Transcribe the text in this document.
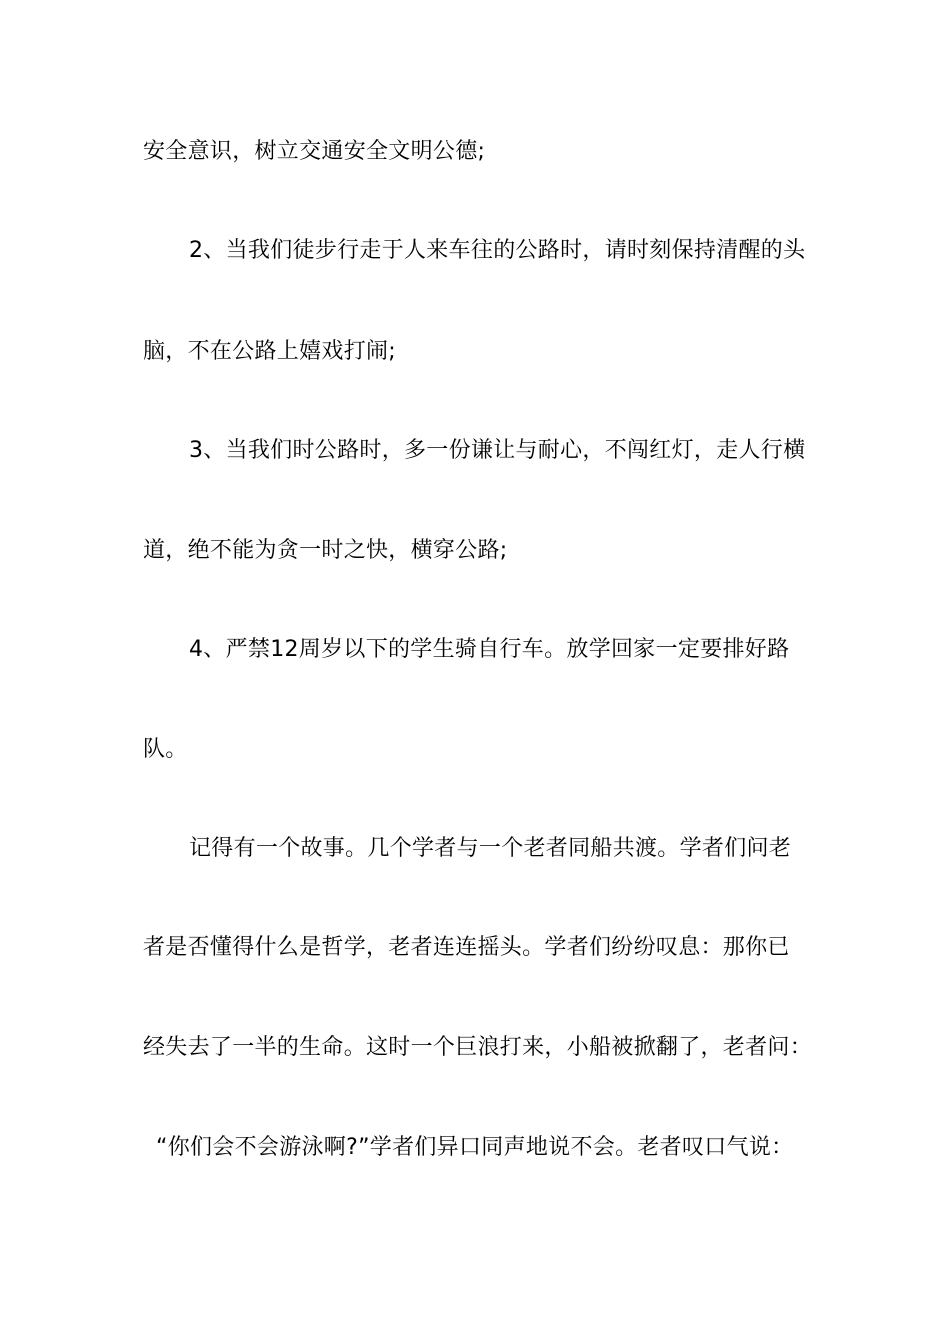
安全意识，树立交通安全文明公德;
2、当我们徒步行走于人来车往的公路时，请时刻保持清醒的头
脑，不在公路上嬉戏打闹;
3、当我们时公路时，多一份谦让与耐心，不闯红灯，走人行横
道，绝不能为贪一时之快，横穿公路;
4、严禁12周岁以下的学生骑自行车。放学回家一定要排好路
队。
记得有一个故事。几个学者与一个老者同船共渡。学者们问老
者是否懂得什么是哲学，老者连连摇头。学者们纷纷叹息：那你已
经失去了一半的生命。这时一个巨浪打来，小船被掀翻了，老者问：
“你们会不会游泳啊?”学者们异口同声地说不会。老者叹口气说：
